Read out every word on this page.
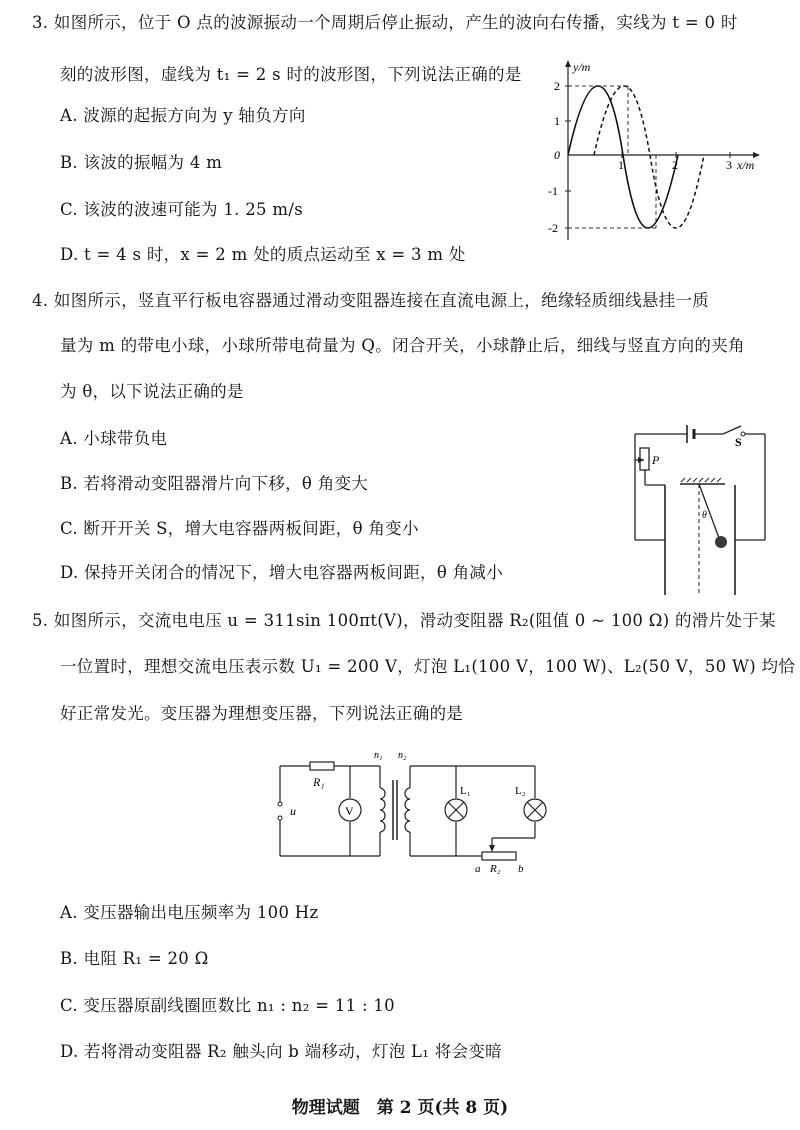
3. 如图所示，位于 O 点的波源振动一个周期后停止振动，产生的波向右传播，实线为 t = 0 时
刻的波形图，虚线为 t₁ = 2 s 时的波形图，下列说法正确的是
A. 波源的起振方向为 y 轴负方向
B. 该波的振幅为 4 m
C. 该波的波速可能为 1. 25 m/s
D. t = 4 s 时，x = 2 m 处的质点运动至 x = 3 m 处
y/m
2
1
-1
-2
0
1	2	3 x/m
4. 如图所示，竖直平行板电容器通过滑动变阻器连接在直流电源上，绝缘轻质细线悬挂一质
量为 m 的带电小球，小球所带电荷量为 Q。闭合开关，小球静止后，细线与竖直方向的夹角
为 θ，以下说法正确的是
A. 小球带负电
B. 若将滑动变阻器滑片向下移，θ 角变大
C. 断开开关 S，增大电容器两板间距，θ 角变小
D. 保持开关闭合的情况下，增大电容器两板间距，θ 角减小
S
P
θ
5. 如图所示，交流电电压 u = 311sin 100πt(V)，滑动变阻器 R₂(阻值 0 ~ 100 Ω) 的滑片处于某
一位置时，理想交流电压表示数 U₁ = 200 V，灯泡 L₁(100 V，100 W)、L₂(50 V，50 W) 均恰
好正常发光。变压器为理想变压器，下列说法正确的是
u
R₁
V
n₁ n₂
L₁	L₂
a R₂ b
A. 变压器输出电压频率为 100 Hz
B. 电阻 R₁ = 20 Ω
C. 变压器原副线圈匝数比 n₁ : n₂ = 11 : 10
D. 若将滑动变阻器 R₂ 触头向 b 端移动，灯泡 L₁ 将会变暗
物理试题　第 2 页(共 8 页)
